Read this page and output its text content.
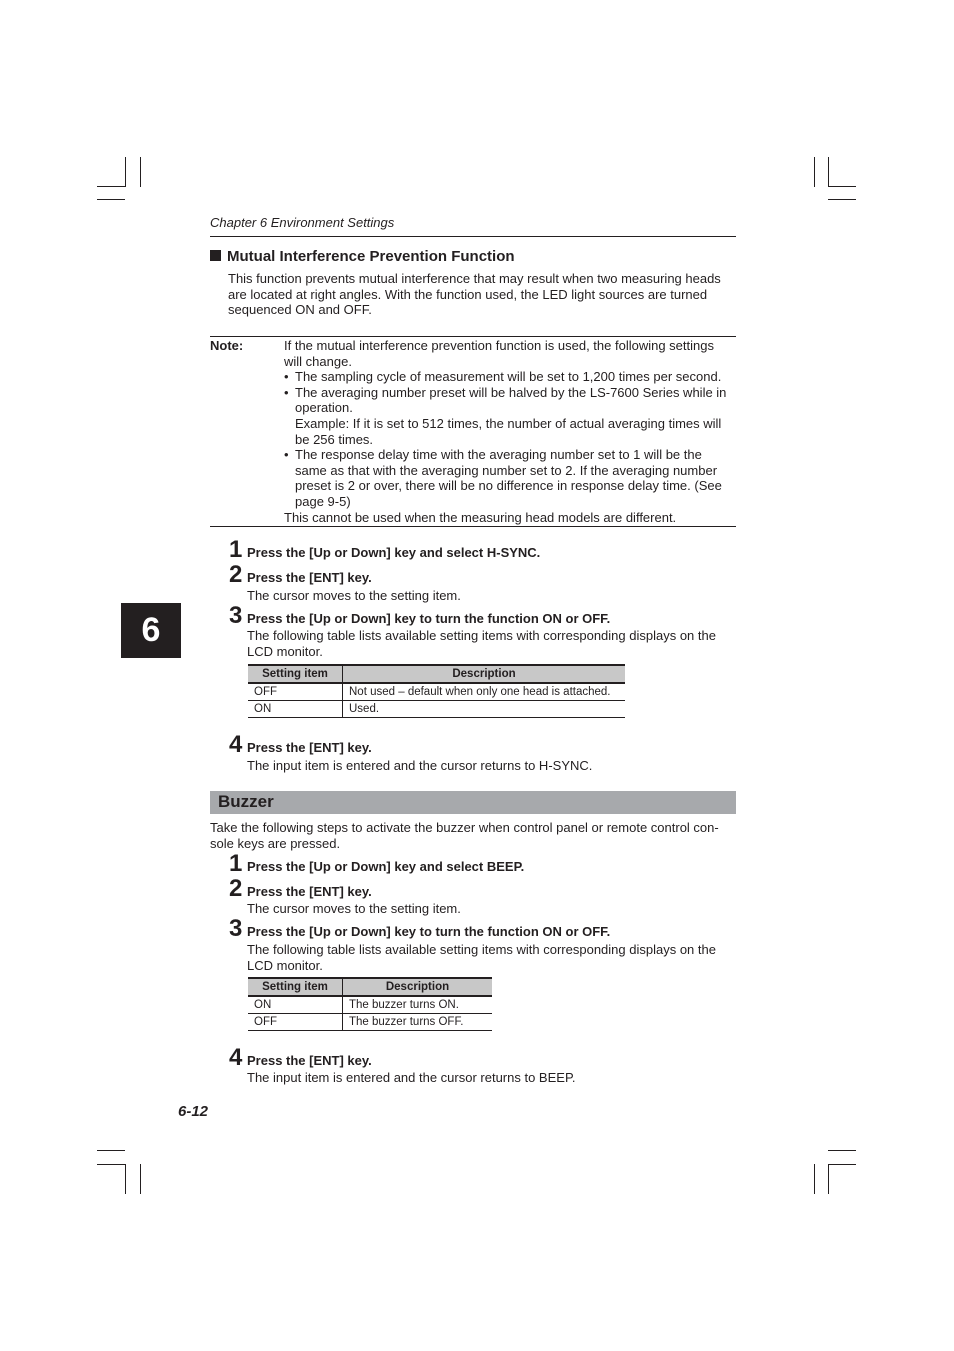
Chapter 6 Environment Settings
6
Mutual Interference Prevention Function
This function prevents mutual interference that may result when two measuring heads
are located at right angles. With the function used, the LED light sources are turned
sequenced ON and OFF.
Note:	If the mutual interference prevention function is used, the following settings
will change.
• The sampling cycle of measurement will be set to 1,200 times per second.
• The averaging number preset will be halved by the LS-7600 Series while in
operation.
Example: If it is set to 512 times, the number of actual averaging times will
be 256 times.
• The response delay time with the averaging number set to 1 will be the
same as that with the averaging number set to 2. If the averaging number
preset is 2 or over, there will be no difference in response delay time. (See
page 9-5)
This cannot be used when the measuring head models are different.
1 Press the [Up or Down] key and select H-SYNC.
2 Press the [ENT] key.
The cursor moves to the setting item.
3 Press the [Up or Down] key to turn the function ON or OFF.
The following table lists available setting items with corresponding displays on the
LCD monitor.
Setting item	Description
OFF	Not used – default when only one head is attached.
ON	Used.
4 Press the [ENT] key.
The input item is entered and the cursor returns to H-SYNC.
Buzzer
Take the following steps to activate the buzzer when control panel or remote control con-
sole keys are pressed.
1 Press the [Up or Down] key and select BEEP.
2 Press the [ENT] key.
The cursor moves to the setting item.
3 Press the [Up or Down] key to turn the function ON or OFF.
The following table lists available setting items with corresponding displays on the
LCD monitor.
Setting item	Description
ON	The buzzer turns ON.
OFF	The buzzer turns OFF.
4 Press the [ENT] key.
The input item is entered and the cursor returns to BEEP.
6-12
